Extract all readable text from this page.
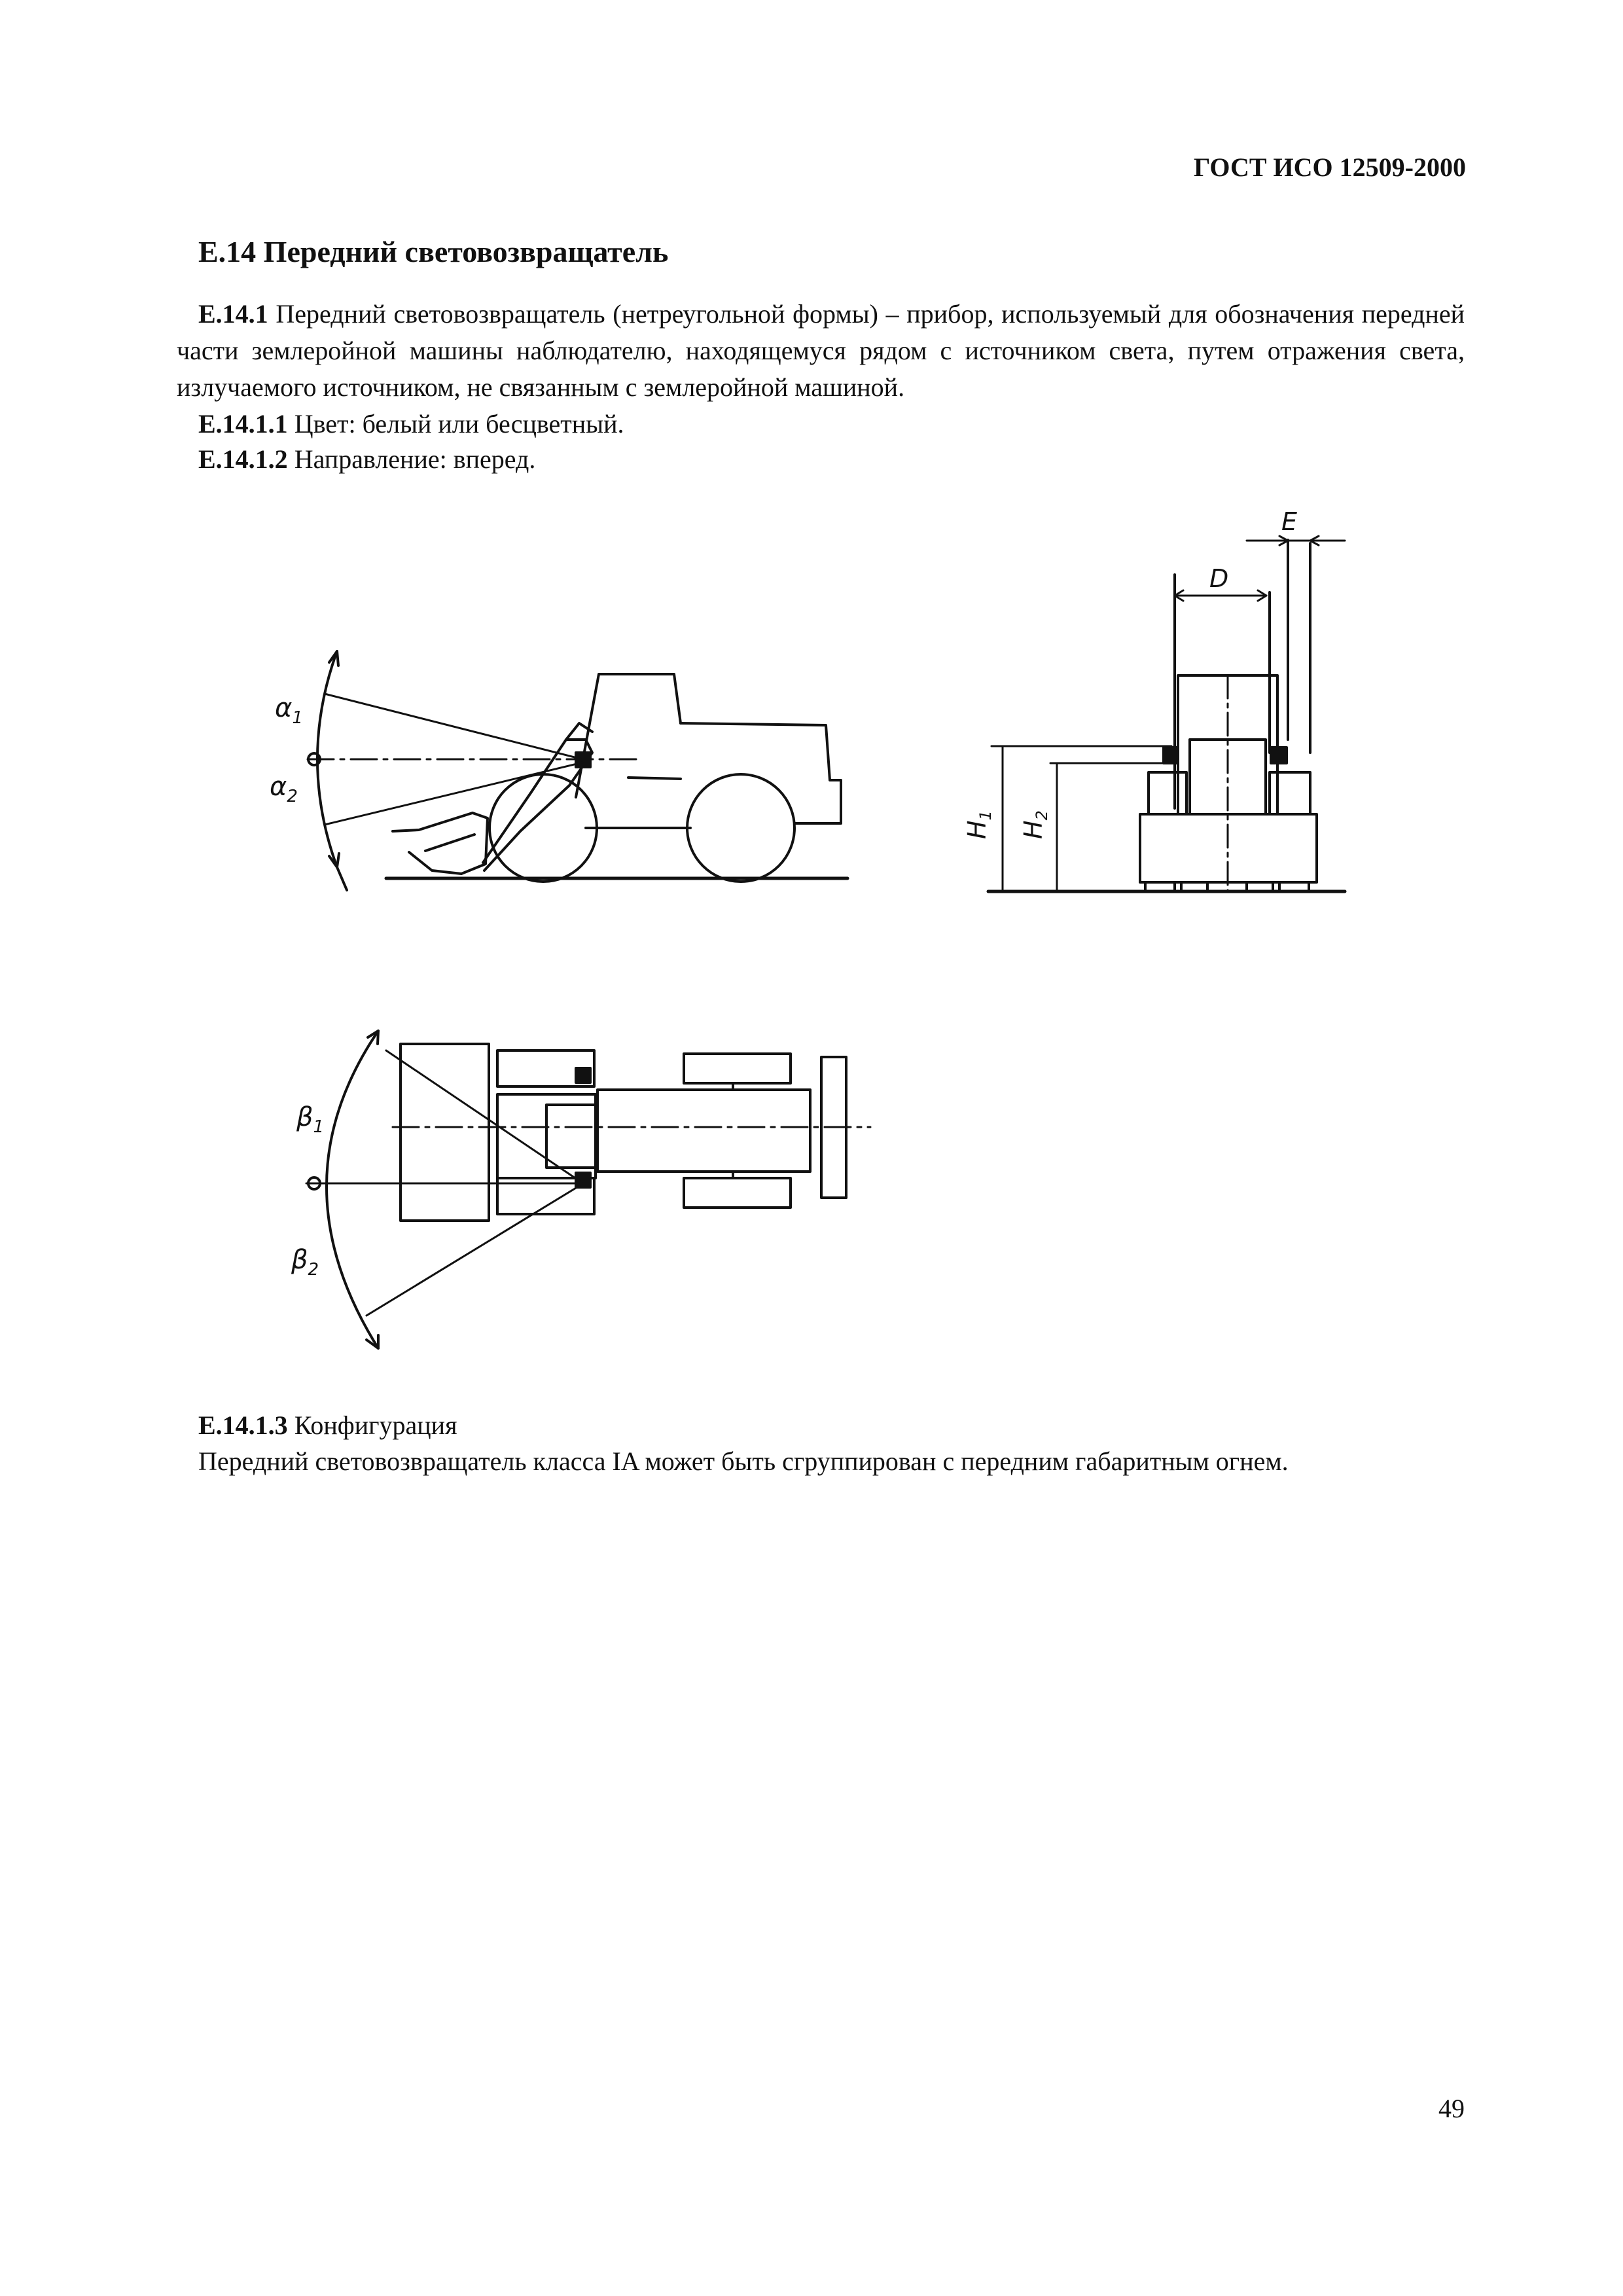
ГОСТ ИСО 12509-2000
Е.14 Передний световозвращатель

Е.14.1 Передний световозвращатель (нетреугольной формы) – прибор, используемый для обозначения передней части землеройной машины наблюдателю, находящемуся рядом с источником света, путем отражения света, излучаемого источником, не связанным с землеройной машиной.

Е.14.1.1 Цвет: белый или бесцветный.

Е.14.1.2 Направление: вперед.

$\alpha_1$
$\alpha_2$
D
E
$H_1$
$H_2$
$\beta_1$
$\beta_2$

Е.14.1.3 Конфигурация

Передний световозвращатель класса IA может быть сгруппирован с передним габаритным огнем.

49
